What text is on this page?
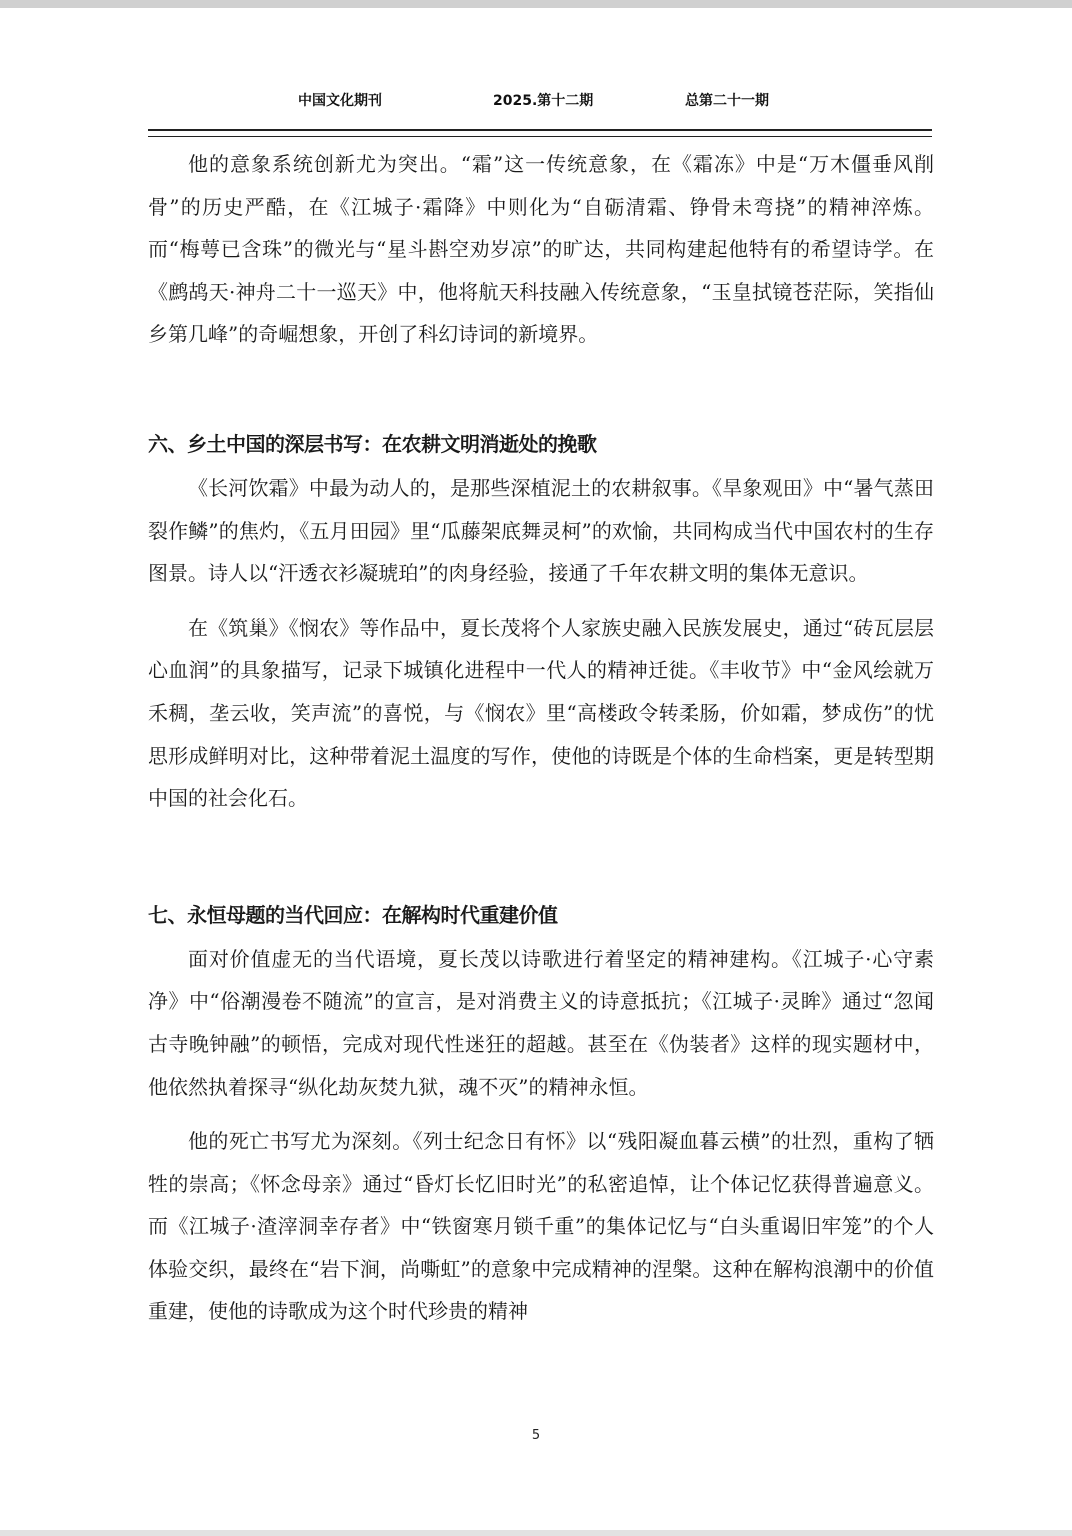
中国文化期刊	2025.第十二期	总第二十一期

他的意象系统创新尤为突出。“霜”这一传统意象，在《霜冻》中是“万木僵垂风削骨”的历史严酷，在《江城子·霜降》中则化为“自砺清霜、铮骨未弯挠”的精神淬炼。而“梅萼已含珠”的微光与“星斗斟空劝岁凉”的旷达，共同构建起他特有的希望诗学。在《鹧鸪天·神舟二十一巡天》中，他将航天科技融入传统意象，“玉皇拭镜苍茫际，笑指仙乡第几峰”的奇崛想象，开创了科幻诗词的新境界。

六、乡土中国的深层书写：在农耕文明消逝处的挽歌

《长河饮霜》中最为动人的，是那些深植泥土的农耕叙事。《旱象观田》中“暑气蒸田裂作鳞”的焦灼，《五月田园》里“瓜藤架底舞灵柯”的欢愉，共同构成当代中国农村的生存图景。诗人以“汗透衣衫凝琥珀”的肉身经验，接通了千年农耕文明的集体无意识。

在《筑巢》《悯农》等作品中，夏长茂将个人家族史融入民族发展史，通过“砖瓦层层心血润”的具象描写，记录下城镇化进程中一代人的精神迁徙。《丰收节》中“金风绘就万禾稠，垄云收，笑声流”的喜悦，与《悯农》里“高楼政令转柔肠，价如霜，梦成伤”的忧思形成鲜明对比，这种带着泥土温度的写作，使他的诗既是个体的生命档案，更是转型期中国的社会化石。

七、永恒母题的当代回应：在解构时代重建价值

面对价值虚无的当代语境，夏长茂以诗歌进行着坚定的精神建构。《江城子·心守素净》中“俗潮漫卷不随流”的宣言，是对消费主义的诗意抵抗；《江城子·灵眸》通过“忽闻古寺晚钟融”的顿悟，完成对现代性迷狂的超越。甚至在《伪装者》这样的现实题材中，他依然执着探寻“纵化劫灰焚九狱，魂不灭”的精神永恒。

他的死亡书写尤为深刻。《列士纪念日有怀》以“残阳凝血暮云横”的壮烈，重构了牺牲的崇高；《怀念母亲》通过“昏灯长忆旧时光”的私密追悼，让个体记忆获得普遍意义。而《江城子·渣滓洞幸存者》中“铁窗寒月锁千重”的集体记忆与“白头重谒旧牢笼”的个人体验交织，最终在“岩下涧，尚嘶虹”的意象中完成精神的涅槃。这种在解构浪潮中的价值重建，使他的诗歌成为这个时代珍贵的精神

5
